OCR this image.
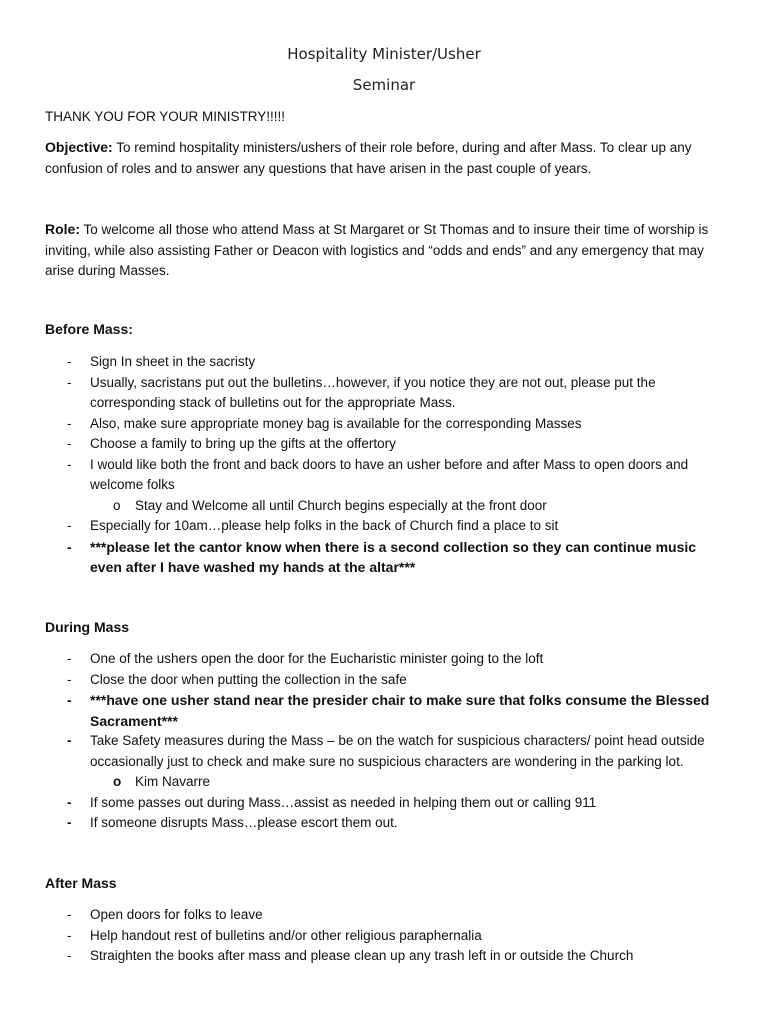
Hospitality Minister/Usher
Seminar
THANK YOU FOR YOUR MINISTRY!!!!!
Objective: To remind hospitality ministers/ushers of their role before, during and after Mass. To clear up any confusion of roles and to answer any questions that have arisen in the past couple of years.
Role: To welcome all those who attend Mass at St Margaret or St Thomas and to insure their time of worship is inviting, while also assisting Father or Deacon with logistics and “odds and ends” and any emergency that may arise during Masses.
Before Mass:
- Sign In sheet in the sacristy
- Usually, sacristans put out the bulletins…however, if you notice they are not out, please put the corresponding stack of bulletins out for the appropriate Mass.
- Also, make sure appropriate money bag is available for the corresponding Masses
- Choose a family to bring up the gifts at the offertory
- I would like both the front and back doors to have an usher before and after Mass to open doors and welcome folks
o Stay and Welcome all until Church begins especially at the front door
- Especially for 10am…please help folks in the back of Church find a place to sit
- ***please let the cantor know when there is a second collection so they can continue music even after I have washed my hands at the altar***
During Mass
- One of the ushers open the door for the Eucharistic minister going to the loft
- Close the door when putting the collection in the safe
- ***have one usher stand near the presider chair to make sure that folks consume the Blessed Sacrament***
- Take Safety measures during the Mass – be on the watch for suspicious characters/ point head outside occasionally just to check and make sure no suspicious characters are wondering in the parking lot.
o Kim Navarre
- If some passes out during Mass…assist as needed in helping them out or calling 911
- If someone disrupts Mass…please escort them out.
After Mass
- Open doors for folks to leave
- Help handout rest of bulletins and/or other religious paraphernalia
- Straighten the books after mass and please clean up any trash left in or outside the Church
